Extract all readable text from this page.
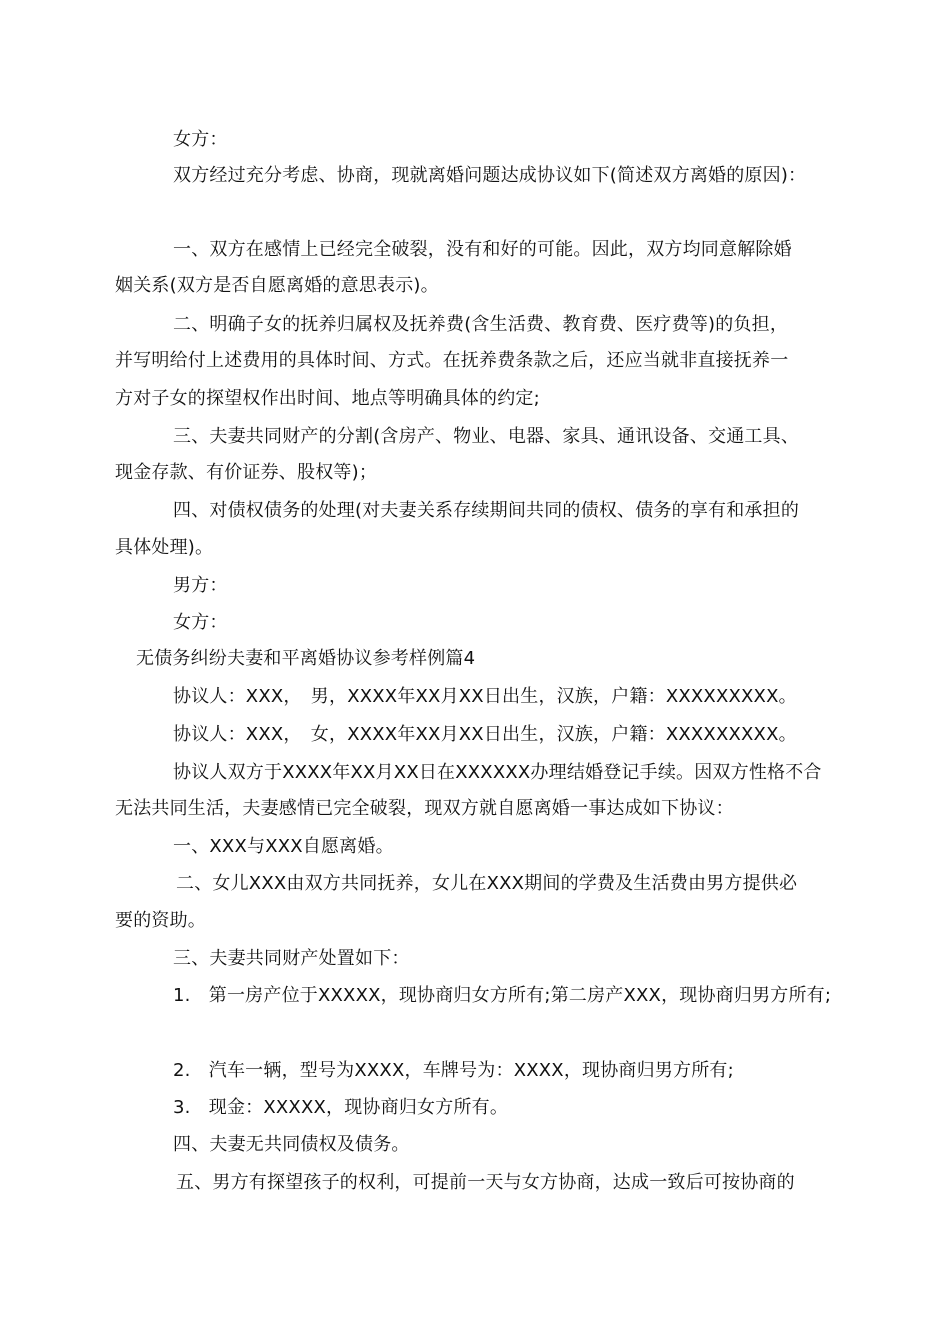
女方：

双方经过充分考虑、协商，现就离婚问题达成协议如下(简述双方离婚的原因)：

一、双方在感情上已经完全破裂，没有和好的可能。因此，双方均同意解除婚

姻关系(双方是否自愿离婚的意思表示)。

二、明确子女的抚养归属权及抚养费(含生活费、教育费、医疗费等)的负担，

并写明给付上述费用的具体时间、方式。在抚养费条款之后，还应当就非直接抚养一

方对子女的探望权作出时间、地点等明确具体的约定;

三、夫妻共同财产的分割(含房产、物业、电器、家具、通讯设备、交通工具、

现金存款、有价证券、股权等)；

四、对债权债务的处理(对夫妻关系存续期间共同的债权、债务的享有和承担的

具体处理)。

男方：

女方：

无债务纠纷夫妻和平离婚协议参考样例篇4

协议人：XXX，　男，XXXX年XX月XX日出生，汉族，户籍：XXXXXXXXX。

协议人：XXX，　女，XXXX年XX月XX日出生，汉族，户籍：XXXXXXXXX。

协议人双方于XXXX年XX月XX日在XXXXXX办理结婚登记手续。因双方性格不合

无法共同生活，夫妻感情已完全破裂，现双方就自愿离婚一事达成如下协议：

一、XXX与XXX自愿离婚。

二、女儿XXX由双方共同抚养，女儿在XXX期间的学费及生活费由男方提供必

要的资助。

三、夫妻共同财产处置如下：

1.　第一房产位于XXXXX，现协商归女方所有;第二房产XXX，现协商归男方所有;

2.　汽车一辆，型号为XXXX，车牌号为：XXXX，现协商归男方所有;

3.　现金：XXXXX，现协商归女方所有。

四、夫妻无共同债权及债务。

五、男方有探望孩子的权利，可提前一天与女方协商，达成一致后可按协商的
